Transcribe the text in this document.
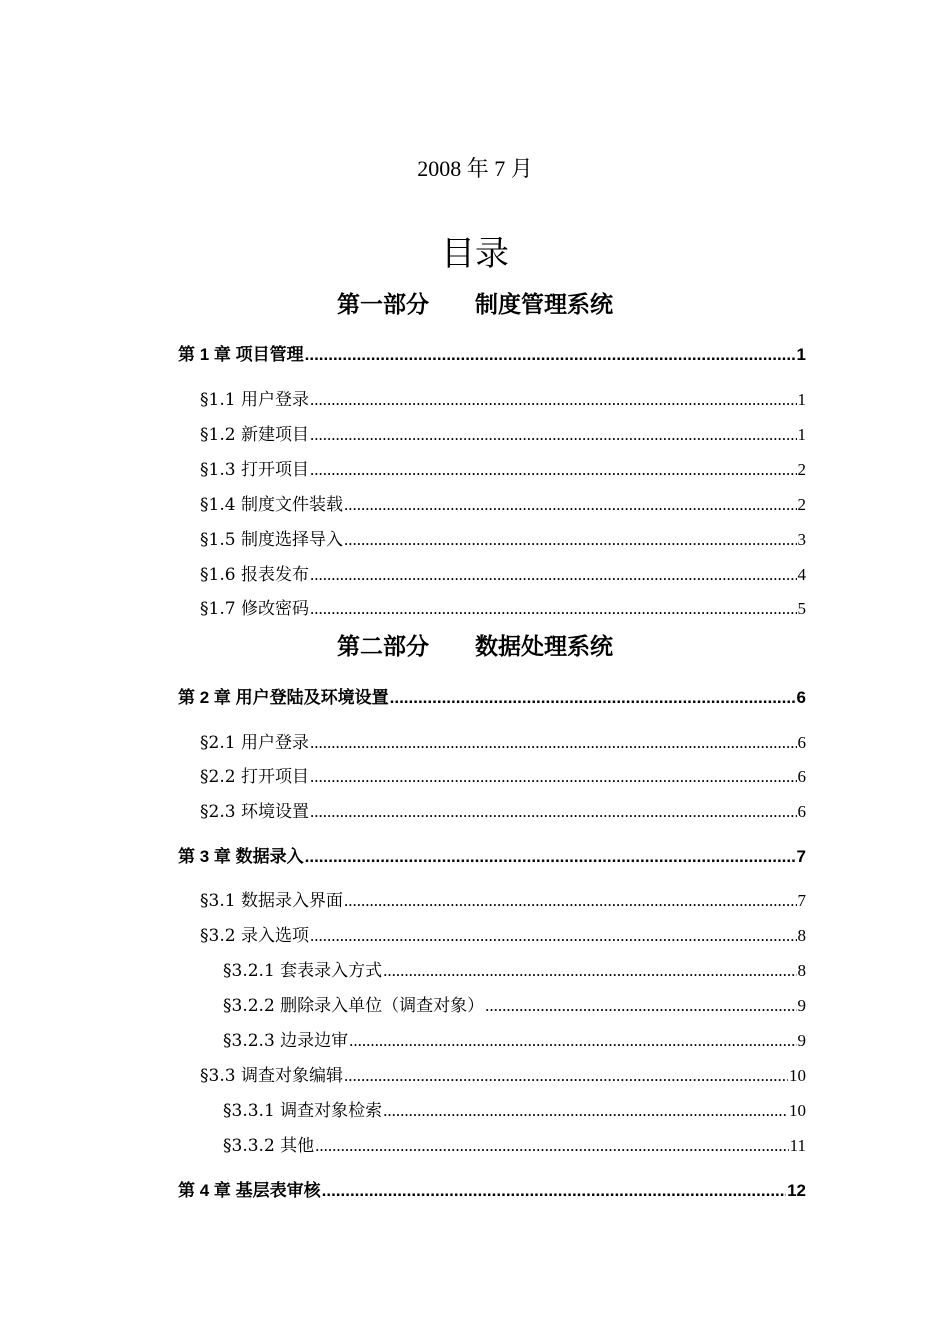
2008 年 7 月
目录
第一部分　　制度管理系统
第二部分　　数据处理系统
第 1 章 项目管理 .....	1
§1.1 用户登录 .....	1
§1.2 新建项目 .....	1
§1.3 打开项目 .....	2
§1.4 制度文件装载 .....	2
§1.5 制度选择导入 .....	3
§1.6 报表发布 .....	4
§1.7 修改密码 .....	5
第 2 章 用户登陆及环境设置 .....	6
§2.1 用户登录 .....	6
§2.2 打开项目 .....	6
§2.3 环境设置 .....	6
第 3 章 数据录入 .....	7
§3.1 数据录入界面 .....	7
§3.2 录入选项 .....	8
§3.2.1 套表录入方式 .....	8
§3.2.2 删除录入单位（调查对象） .....	9
§3.2.3 边录边审 .....	9
§3.3 调查对象编辑 .....	10
§3.3.1 调查对象检索 .....	10
§3.3.2 其他 .....	11
第 4 章 基层表审核 .....	12
